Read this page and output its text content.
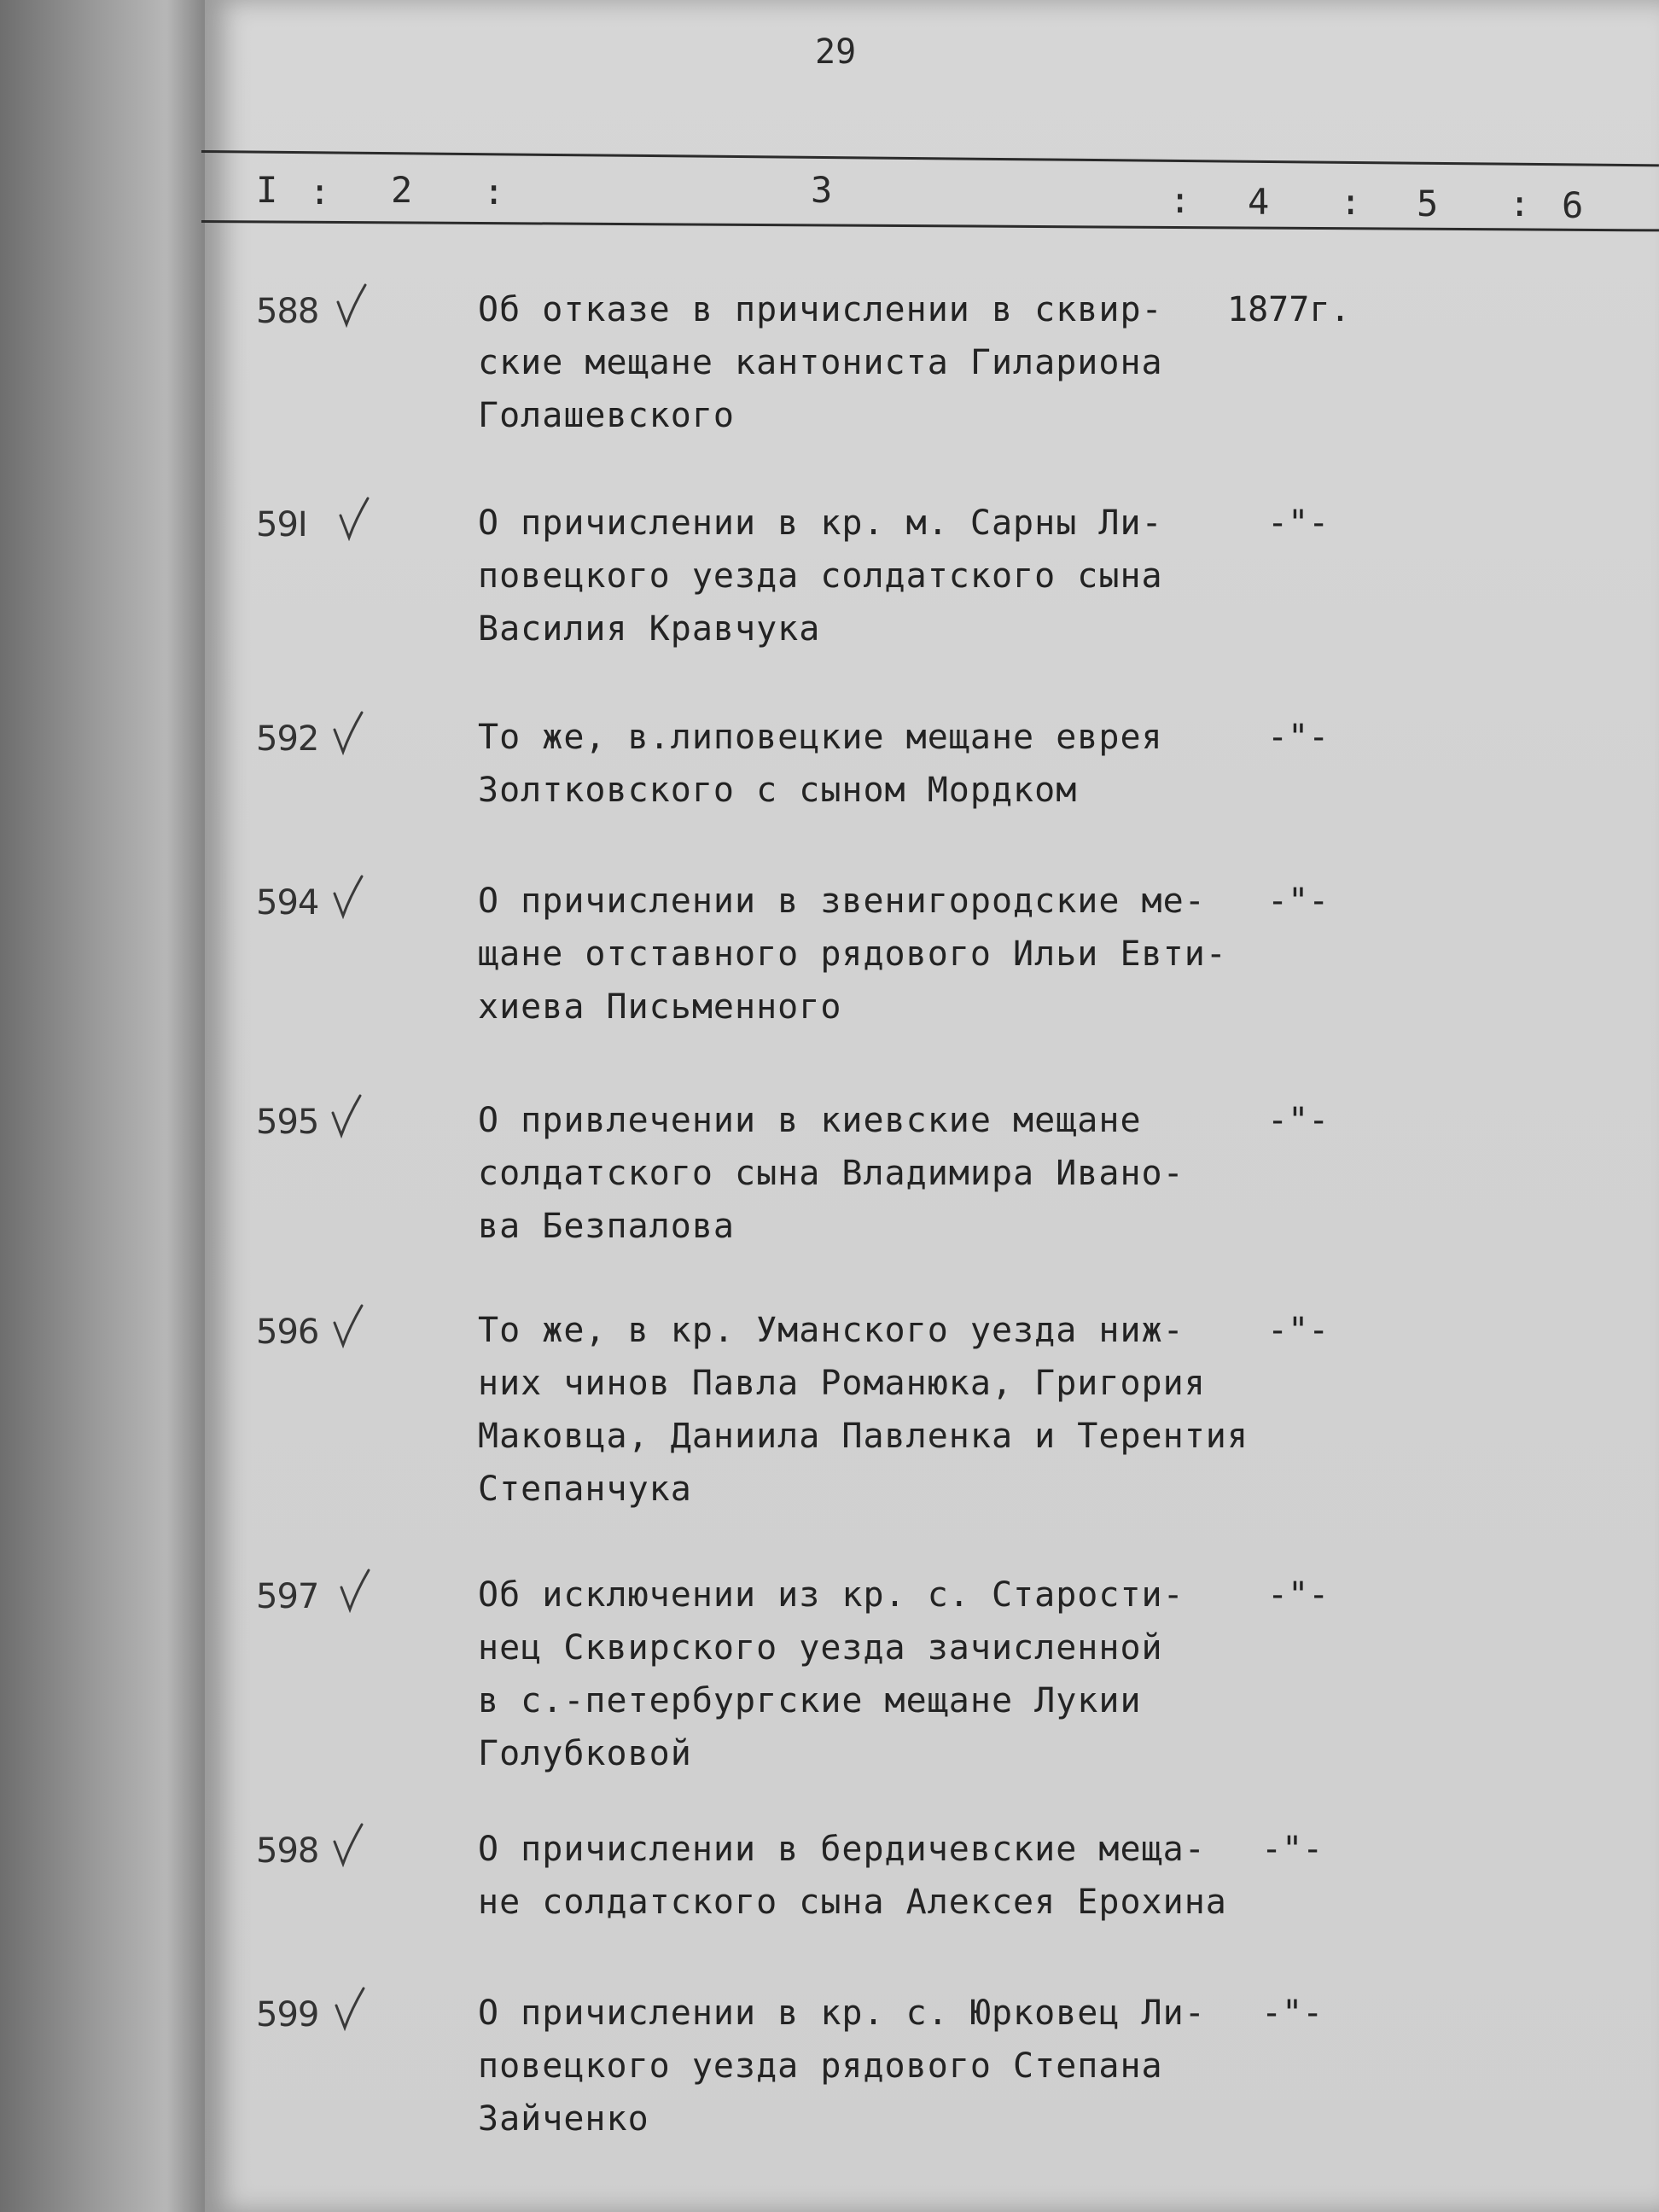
29
I : 2 :	3	: 4 : 5 : 6
588	Об отказе в причислении в сквир-
ские мещане кантониста Гилариона
Голашевского
1877г.
59I	О причислении в кр. м. Сарны Ли-
повецкого уезда солдатского сына
Василия Кравчука
-"-
592	То же, в.липовецкие мещане еврея
Золтковского с сыном Мордком
-"-
594	О причислении в звенигородские ме-
щане отставного рядового Ильи Евти-
хиева Письменного
-"-
595	О привлечении в киевские мещане
солдатского сына Владимира Ивано-
ва Безпалова
-"-
596	То же, в кр. Уманского уезда ниж-
них чинов Павла Романюка, Григория
Маковца, Даниила Павленка и Терентия
Степанчука
-"-
597	Об исключении из кр. с. Старости-
нец Сквирского уезда зачисленной
в с.-петербургские мещане Лукии
Голубковой
-"-
598	О причислении в бердичевские меща-
не солдатского сына Алексея Ерохина
-"-
599	О причислении в кр. с. Юрковец Ли-
повецкого уезда рядового Степана
Зайченко
-"-
